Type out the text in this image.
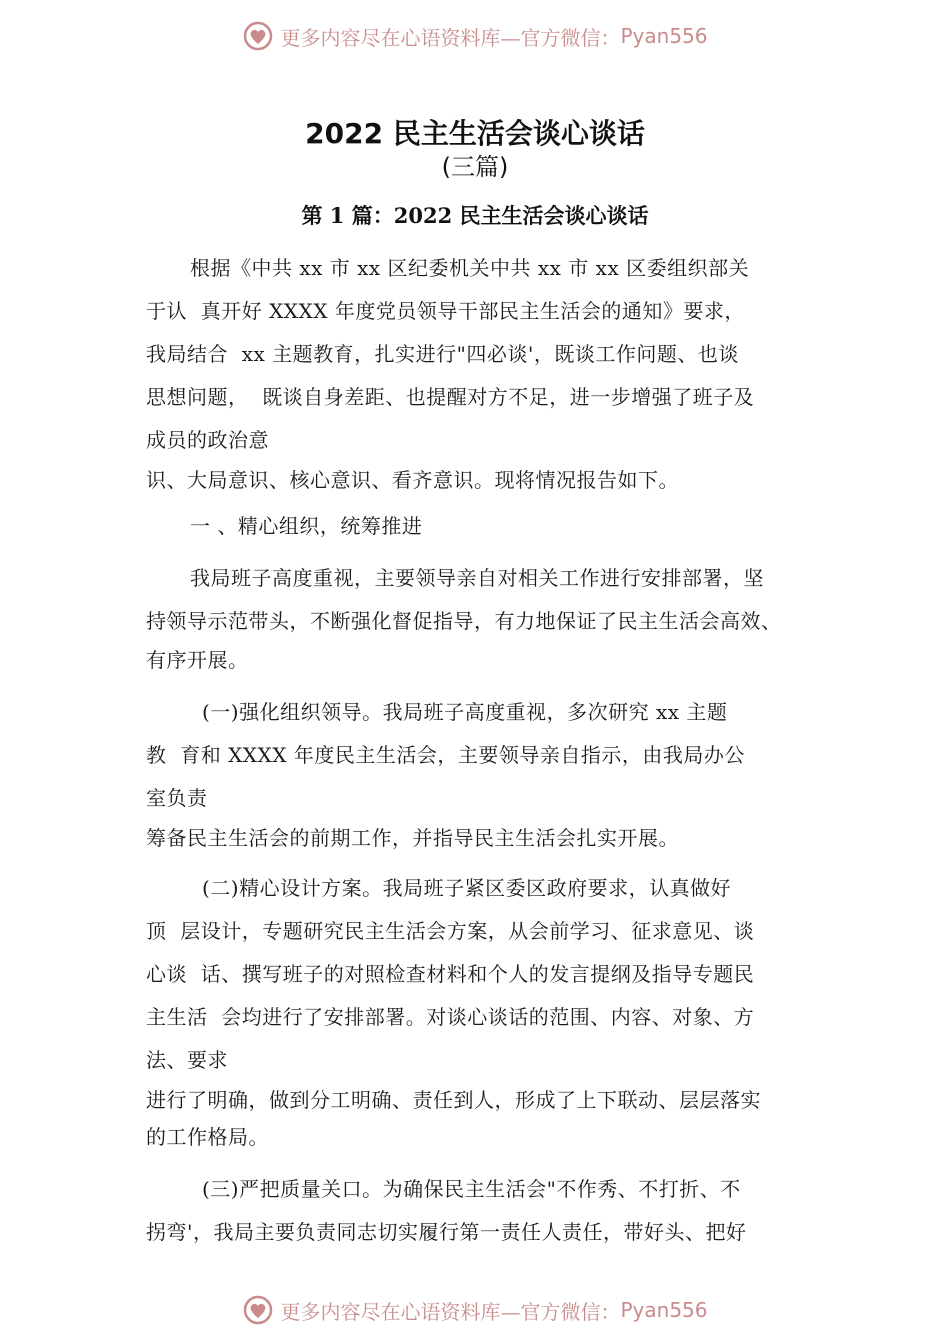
更多内容尽在心语资料库—官方微信： Pyan556
2022 民主生活会谈心谈话
(三篇)
第 1 篇：2022 民主生活会谈心谈话
根据《中共 xx 市 xx 区纪委机关中共 xx 市 xx 区委组织部关
于认  真开好 XXXX 年度党员领导干部民主生活会的通知》要求，
我局结合  xx 主题教育，扎实进行"四必谈'，既谈工作问题、也谈
思想问题，  既谈自身差距、也提醒对方不足，进一步增强了班子及
成员的政治意
识、大局意识、核心意识、看齐意识。现将情况报告如下。
一 、精心组织，统筹推进
我局班子高度重视，主要领导亲自对相关工作进行安排部署，坚
持领导示范带头，不断强化督促指导，有力地保证了民主生活会高效、
有序开展。
(一)强化组织领导。我局班子高度重视，多次研究 xx 主题
教  育和 XXXX 年度民主生活会，主要领导亲自指示，由我局办公
室负责
筹备民主生活会的前期工作，并指导民主生活会扎实开展。
(二)精心设计方案。我局班子紧区委区政府要求，认真做好
顶  层设计，专题研究民主生活会方案，从会前学习、征求意见、谈
心谈  话、撰写班子的对照检查材料和个人的发言提纲及指导专题民
主生活  会均进行了安排部署。对谈心谈话的范围、内容、对象、方
法、要求
进行了明确，做到分工明确、责任到人，形成了上下联动、层层落实
的工作格局。
(三)严把质量关口。为确保民主生活会"不作秀、不打折、不
拐弯'，我局主要负责同志切实履行第一责任人责任，带好头、把好
更多内容尽在心语资料库—官方微信： Pyan556
